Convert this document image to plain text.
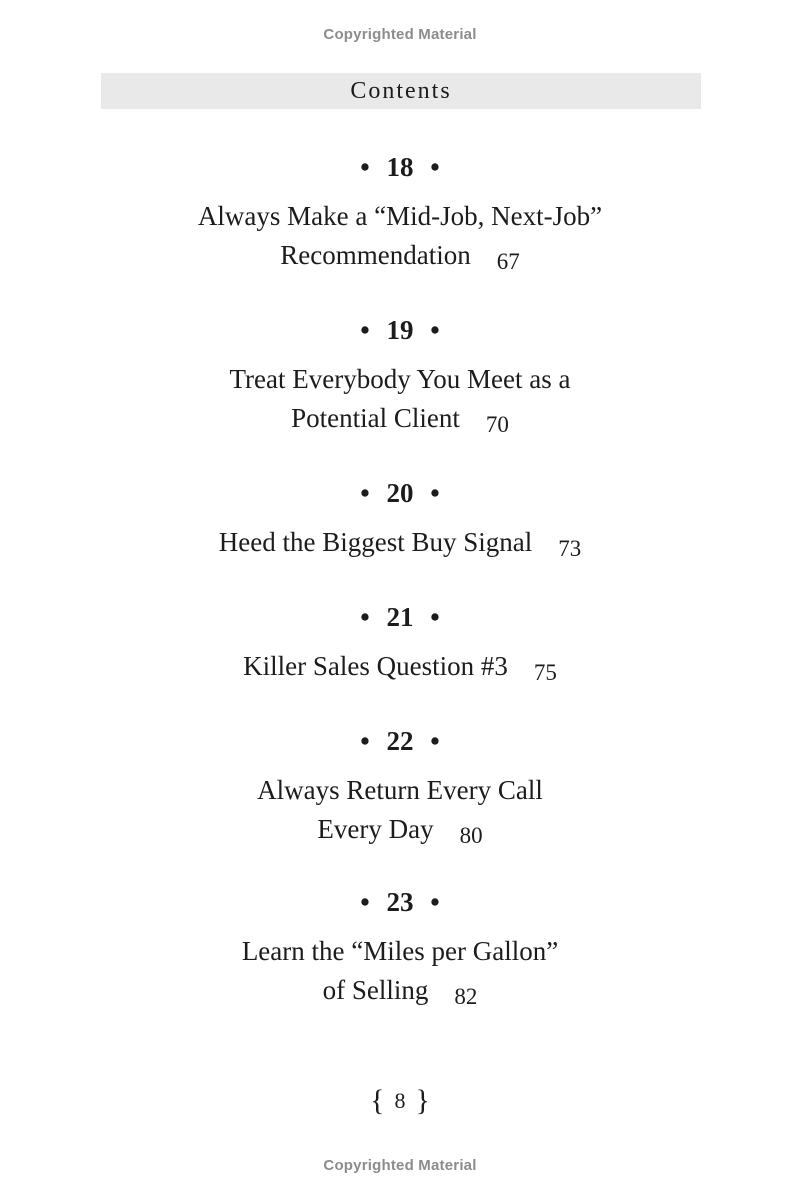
Copyrighted Material
Contents
• 18 •
Always Make a “Mid-Job, Next-Job”
Recommendation 67
• 19 •
Treat Everybody You Meet as a
Potential Client 70
• 20 •
Heed the Biggest Buy Signal 73
• 21 •
Killer Sales Question #3 75
• 22 •
Always Return Every Call
Every Day 80
• 23 •
Learn the “Miles per Gallon”
of Selling 82
{ 8 }
Copyrighted Material
